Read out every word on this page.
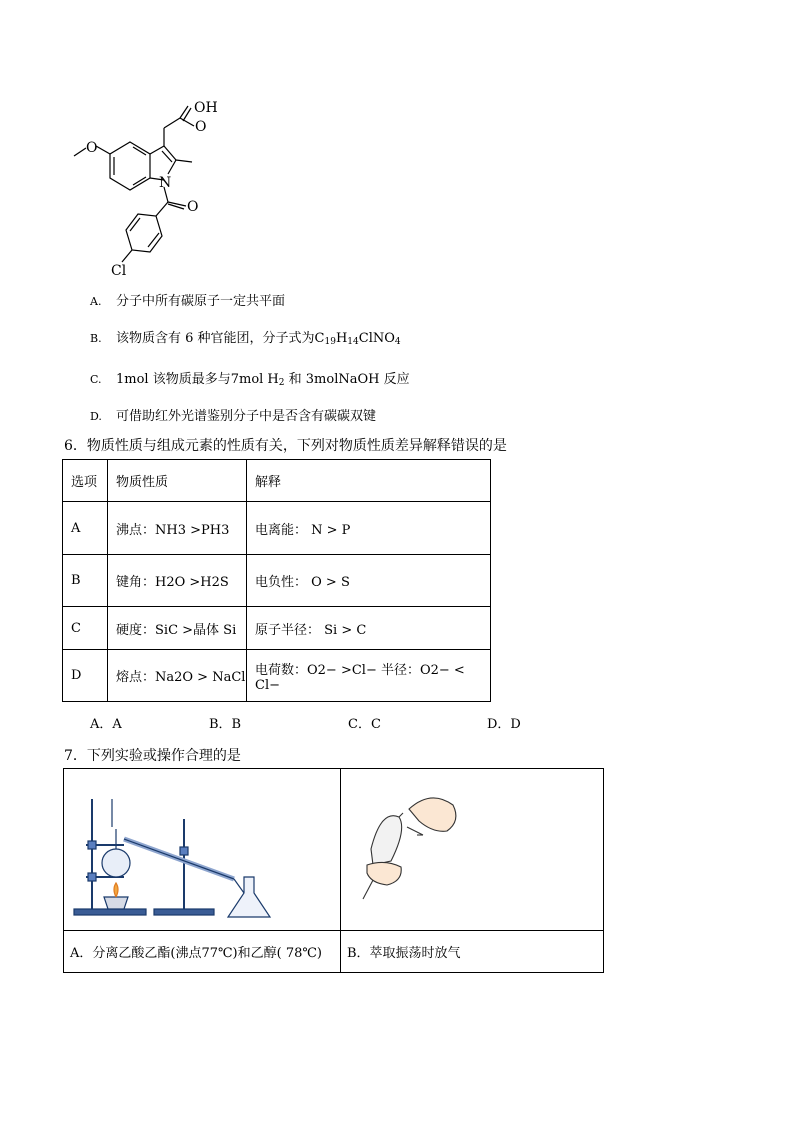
OH
O
O
N
O
Cl
A. 分子中所有碳原子一定共平面
B. 该物质含有 6 种官能团，分子式为$C_{19}H_{14}ClNO_4$
C. 1mol 该物质最多与7mol $H_2$ 和 3molNaOH 反应
D. 可借助红外光谱鉴别分子中是否含有碳碳双键
6．物质性质与组成元素的性质有关，下列对物质性质差异解释错误的是
选项	物质性质	解释
A	沸点：NH3 >PH3	电离能： N > P
B	键角：H2O >H2S	电负性： O > S
C	硬度：SiC >晶体 Si	原子半径： Si > C
D	熔点：Na2O > NaCl	电荷数：O2− >Cl− 半径：O2− < Cl−
A．A	B．B	C．C	D．D
7．下列实验或操作合理的是

A．分离乙酸乙酯(沸点77℃)和乙醇( 78℃)	B．萃取振荡时放气
